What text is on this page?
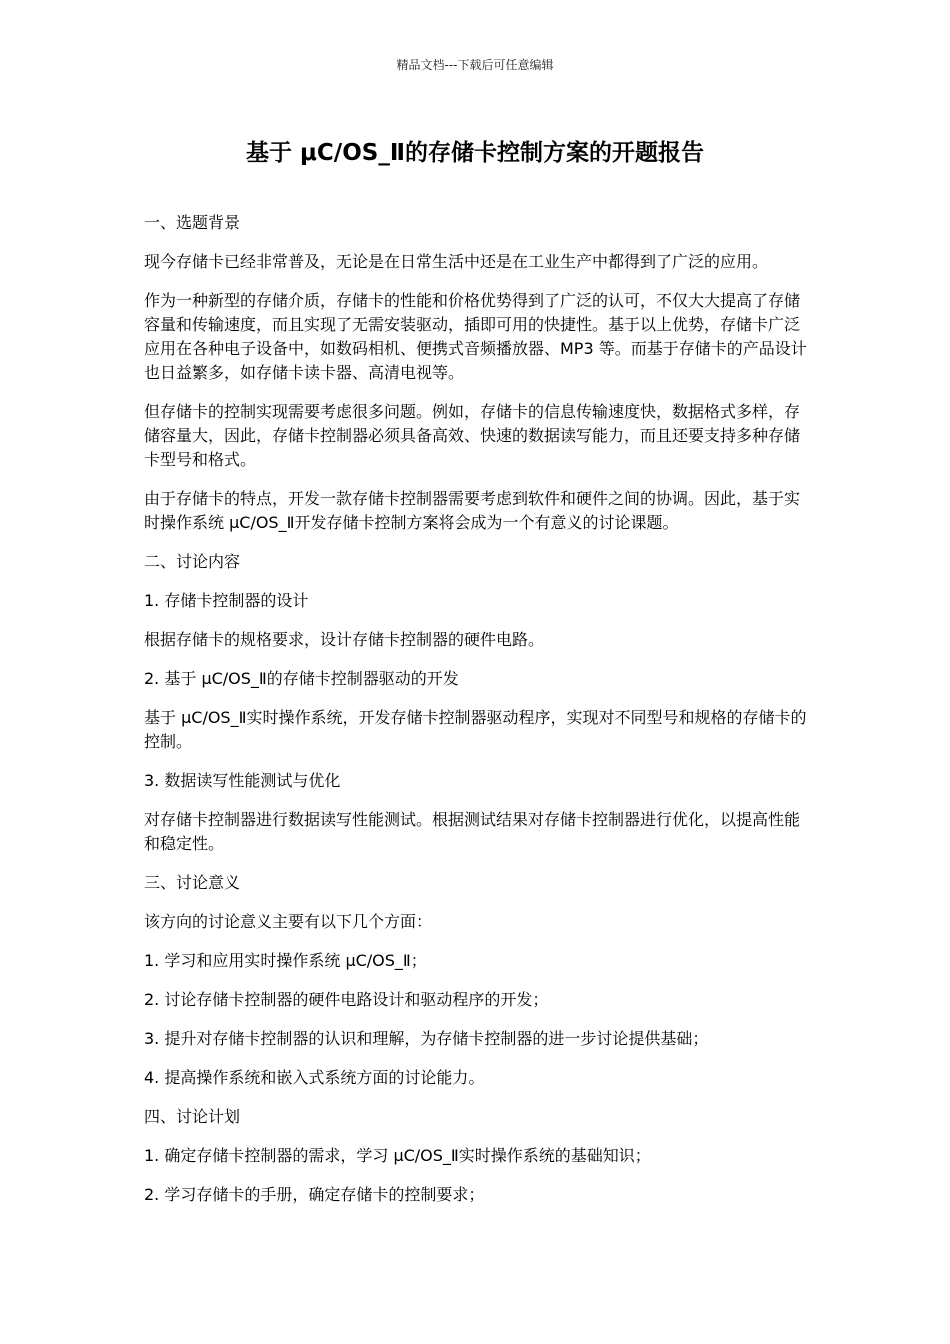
精品文档---下载后可任意编辑
基于 μC/OS_Ⅱ的存储卡控制方案的开题报告

一、选题背景

现今存储卡已经非常普及，无论是在日常生活中还是在工业生产中都得到了广泛的应用。

作为一种新型的存储介质，存储卡的性能和价格优势得到了广泛的认可，不仅大大提高了存储容量和传输速度，而且实现了无需安装驱动，插即可用的快捷性。基于以上优势，存储卡广泛应用在各种电子设备中，如数码相机、便携式音频播放器、MP3 等。而基于存储卡的产品设计也日益繁多，如存储卡读卡器、高清电视等。

但存储卡的控制实现需要考虑很多问题。例如，存储卡的信息传输速度快，数据格式多样，存储容量大，因此，存储卡控制器必须具备高效、快速的数据读写能力，而且还要支持多种存储卡型号和格式。

由于存储卡的特点，开发一款存储卡控制器需要考虑到软件和硬件之间的协调。因此，基于实时操作系统 μC/OS_Ⅱ开发存储卡控制方案将会成为一个有意义的讨论课题。

二、讨论内容

1. 存储卡控制器的设计

根据存储卡的规格要求，设计存储卡控制器的硬件电路。

2. 基于 μC/OS_Ⅱ的存储卡控制器驱动的开发

基于 μC/OS_Ⅱ实时操作系统，开发存储卡控制器驱动程序，实现对不同型号和规格的存储卡的控制。

3. 数据读写性能测试与优化

对存储卡控制器进行数据读写性能测试。根据测试结果对存储卡控制器进行优化，以提高性能和稳定性。

三、讨论意义

该方向的讨论意义主要有以下几个方面：

1. 学习和应用实时操作系统 μC/OS_Ⅱ；

2. 讨论存储卡控制器的硬件电路设计和驱动程序的开发；

3. 提升对存储卡控制器的认识和理解，为存储卡控制器的进一步讨论提供基础；

4. 提高操作系统和嵌入式系统方面的讨论能力。

四、讨论计划

1. 确定存储卡控制器的需求，学习 μC/OS_Ⅱ实时操作系统的基础知识；

2. 学习存储卡的手册，确定存储卡的控制要求；
